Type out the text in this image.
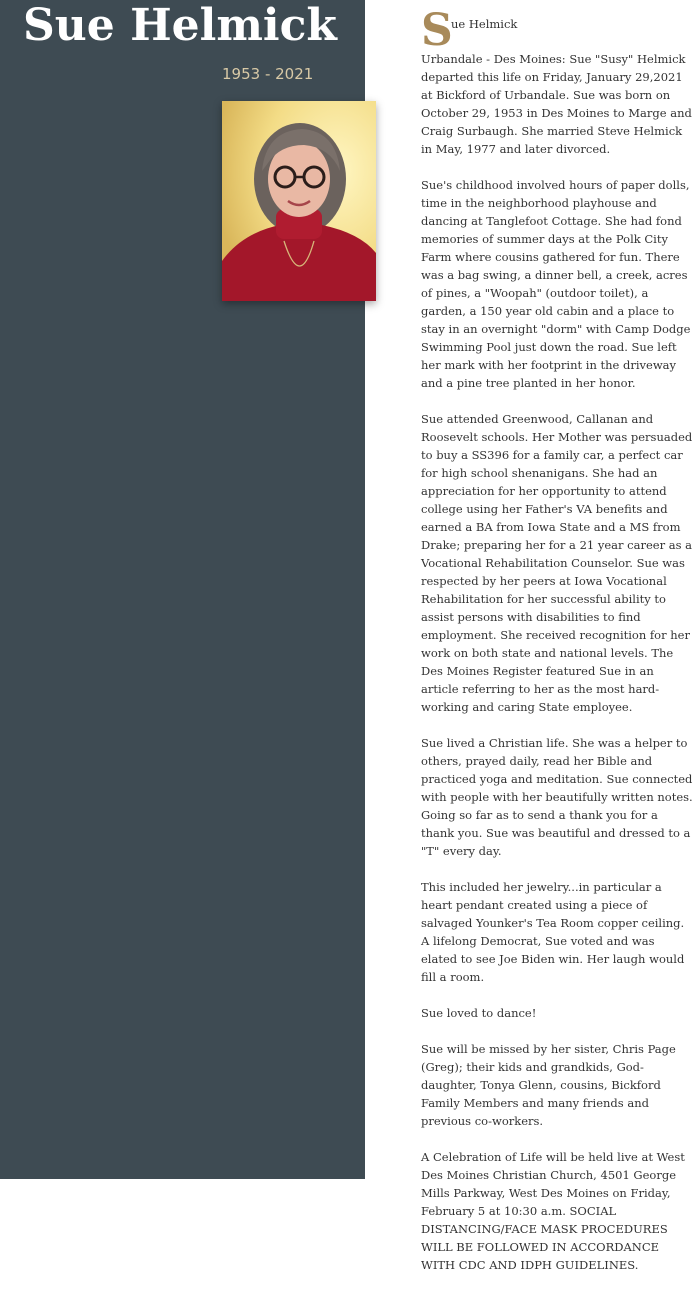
Sue Helmick
1953 - 2021
S
ue Helmick

Urbandale - Des Moines: Sue "Susy" Helmick departed this life on Friday, January 29,2021 at Bickford of Urbandale. Sue was born on October 29, 1953 in Des Moines to Marge and Craig Surbaugh. She married Steve Helmick in May, 1977 and later divorced.

Sue's childhood involved hours of paper dolls, time in the neighborhood playhouse and dancing at Tanglefoot Cottage. She had fond memories of summer days at the Polk City Farm where cousins gathered for fun. There was a bag swing, a dinner bell, a creek, acres of pines, a "Woopah" (outdoor toilet), a garden, a 150 year old cabin and a place to stay in an overnight "dorm" with Camp Dodge Swimming Pool just down the road. Sue left her mark with her footprint in the driveway and a pine tree planted in her honor.

Sue attended Greenwood, Callanan and Roosevelt schools. Her Mother was persuaded to buy a SS396 for a family car, a perfect car for high school shenanigans. She had an appreciation for her opportunity to attend college using her Father's VA benefits and earned a BA from Iowa State and a MS from Drake; preparing her for a 21 year career as a Vocational Rehabilitation Counselor. Sue was respected by her peers at Iowa Vocational Rehabilitation for her successful ability to assist persons with disabilities to find employment. She received recognition for her work on both state and national levels. The Des Moines Register featured Sue in an article referring to her as the most hard-working and caring State employee.

Sue lived a Christian life. She was a helper to others, prayed daily, read her Bible and practiced yoga and meditation. Sue connected with people with her beautifully written notes. Going so far as to send a thank you for a thank you. Sue was beautiful and dressed to a "T" every day.

This included her jewelry...in particular a heart pendant created using a piece of salvaged Younker's Tea Room copper ceiling. A lifelong Democrat, Sue voted and was elated to see Joe Biden win. Her laugh would fill a room.

Sue loved to dance!

Sue will be missed by her sister, Chris Page (Greg); their kids and grandkids, God-daughter, Tonya Glenn, cousins, Bickford Family Members and many friends and previous co-workers.

A Celebration of Life will be held live at West Des Moines Christian Church, 4501 George Mills Parkway, West Des Moines on Friday, February 5 at 10:30 a.m. SOCIAL DISTANCING/FACE MASK PROCEDURES WILL BE FOLLOWED IN ACCORDANCE WITH CDC AND IDPH GUIDELINES.
